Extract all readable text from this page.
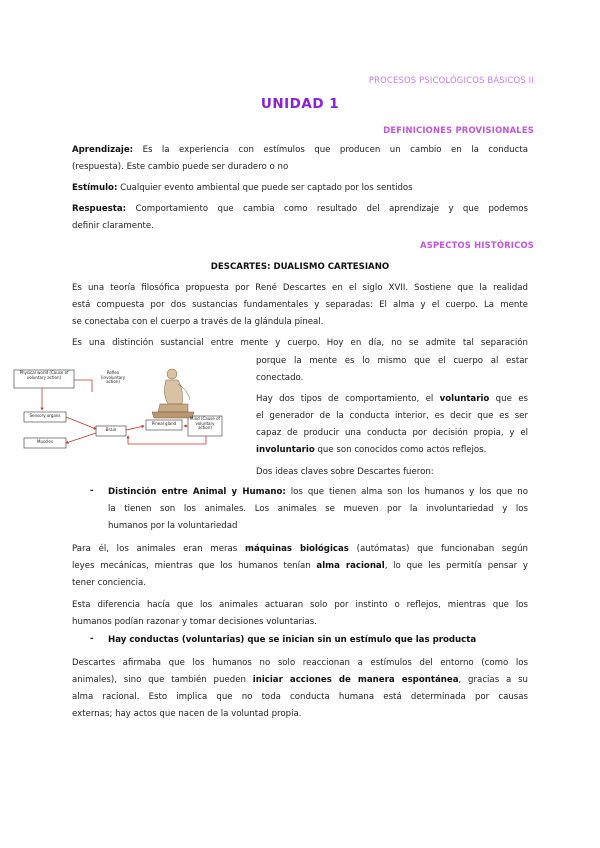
PROCESOS PSICOLÓGICOS BÁSICOS II
UNIDAD 1
DEFINICIONES PROVISIONALES
Aprendizaje: Es la experiencia con estímulos que producen un cambio en la conducta
(respuesta). Este cambio puede ser duradero o no
Estímulo: Cualquier evento ambiental que puede ser captado por los sentidos
Respuesta: Comportamiento que cambia como resultado del aprendizaje y que podemos
definir claramente.
ASPECTOS HISTÓRICOS
DESCARTES: DUALISMO CARTESIANO
Es una teoría filosófica propuesta por René Descartes en el siglo XVII. Sostiene que la realidad
está compuesta por dos sustancias fundamentales y separadas: El alma y el cuerpo. La mente
se conectaba con el cuerpo a través de la glándula pineal.
Es una distinción sustancial entre mente y cuerpo. Hoy en día, no se admite tal separación
porque la mente es lo mismo que el cuerpo al estar
conectado.
Hay dos tipos de comportamiento, el voluntario que es
el generador de la conducta interior, es decir que es ser
capaz de producir una conducta por decisión propia, y el
involuntario que son conocidos como actos reflejos.
Dos ideas claves sobre Descartes fueron:
Physical world (Cause of voluntary action)
Reflex (involuntary action)
Sensory organs
Muscles
Brain
Pineal gland
Mind (Cause of voluntary action)
- Distinción entre Animal y Humano: los que tienen alma son los humanos y los que no
la tienen son los animales. Los animales se mueven por la involuntariedad y los
humanos por la voluntariedad
Para él, los animales eran meras máquinas biológicas (autómatas) que funcionaban según
leyes mecánicas, mientras que los humanos tenían alma racional, lo que les permitía pensar y
tener conciencia.
Esta diferencia hacía que los animales actuaran solo por instinto o reflejos, mientras que los
humanos podían razonar y tomar decisiones voluntarias.
- Hay conductas (voluntarias) que se inician sin un estímulo que las producta
Descartes afirmaba que los humanos no solo reaccionan a estímulos del entorno (como los
animales), sino que también pueden iniciar acciones de manera espontánea, gracias a su
alma racional. Esto implica que no toda conducta humana está determinada por causas
externas; hay actos que nacen de la voluntad propia.
